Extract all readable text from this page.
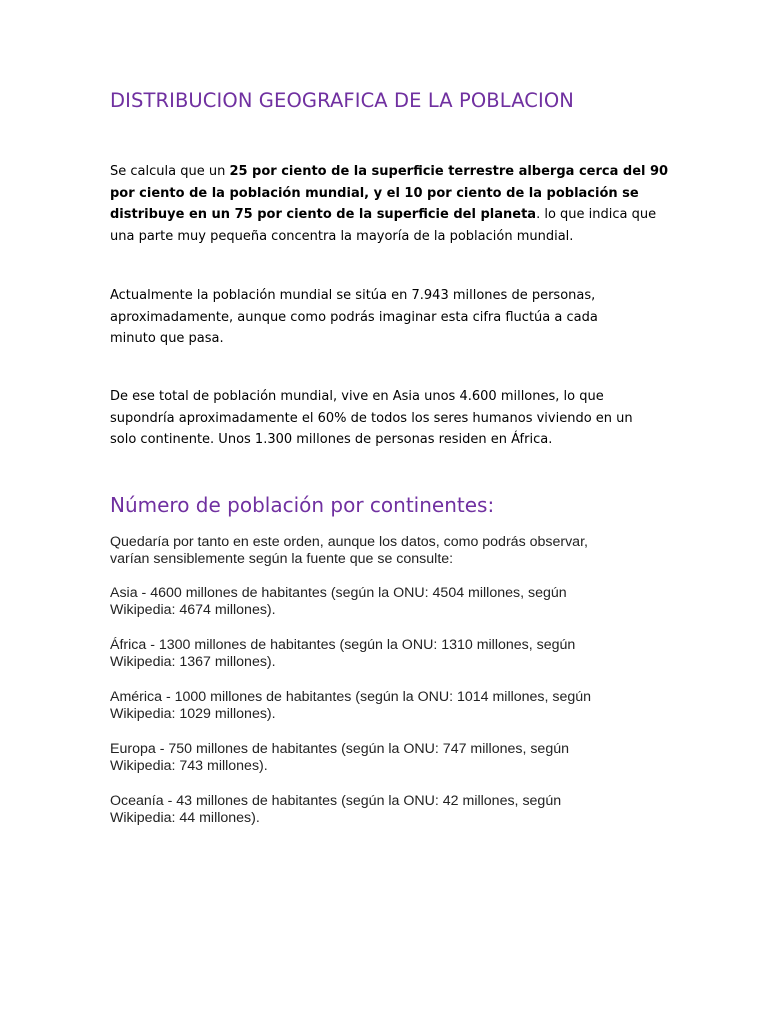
DISTRIBUCION GEOGRAFICA DE LA POBLACION

Se calcula que un 25 por ciento de la superficie terrestre alberga cerca del 90
por ciento de la población mundial, y el 10 por ciento de la población se
distribuye en un 75 por ciento de la superficie del planeta. lo que indica que
una parte muy pequeña concentra la mayoría de la población mundial.

Actualmente la población mundial se sitúa en 7.943 millones de personas,
aproximadamente, aunque como podrás imaginar esta cifra fluctúa a cada
minuto que pasa.

De ese total de población mundial, vive en Asia unos 4.600 millones, lo que
supondría aproximadamente el 60% de todos los seres humanos viviendo en un
solo continente. Unos 1.300 millones de personas residen en África.

Número de población por continentes:

Quedaría por tanto en este orden, aunque los datos, como podrás observar,
varían sensiblemente según la fuente que se consulte:

Asia - 4600 millones de habitantes (según la ONU: 4504 millones, según
Wikipedia: 4674 millones).

África - 1300 millones de habitantes (según la ONU: 1310 millones, según
Wikipedia: 1367 millones).

América - 1000 millones de habitantes (según la ONU: 1014 millones, según
Wikipedia: 1029 millones).

Europa - 750 millones de habitantes (según la ONU: 747 millones, según
Wikipedia: 743 millones).

Oceanía - 43 millones de habitantes (según la ONU: 42 millones, según
Wikipedia: 44 millones).
